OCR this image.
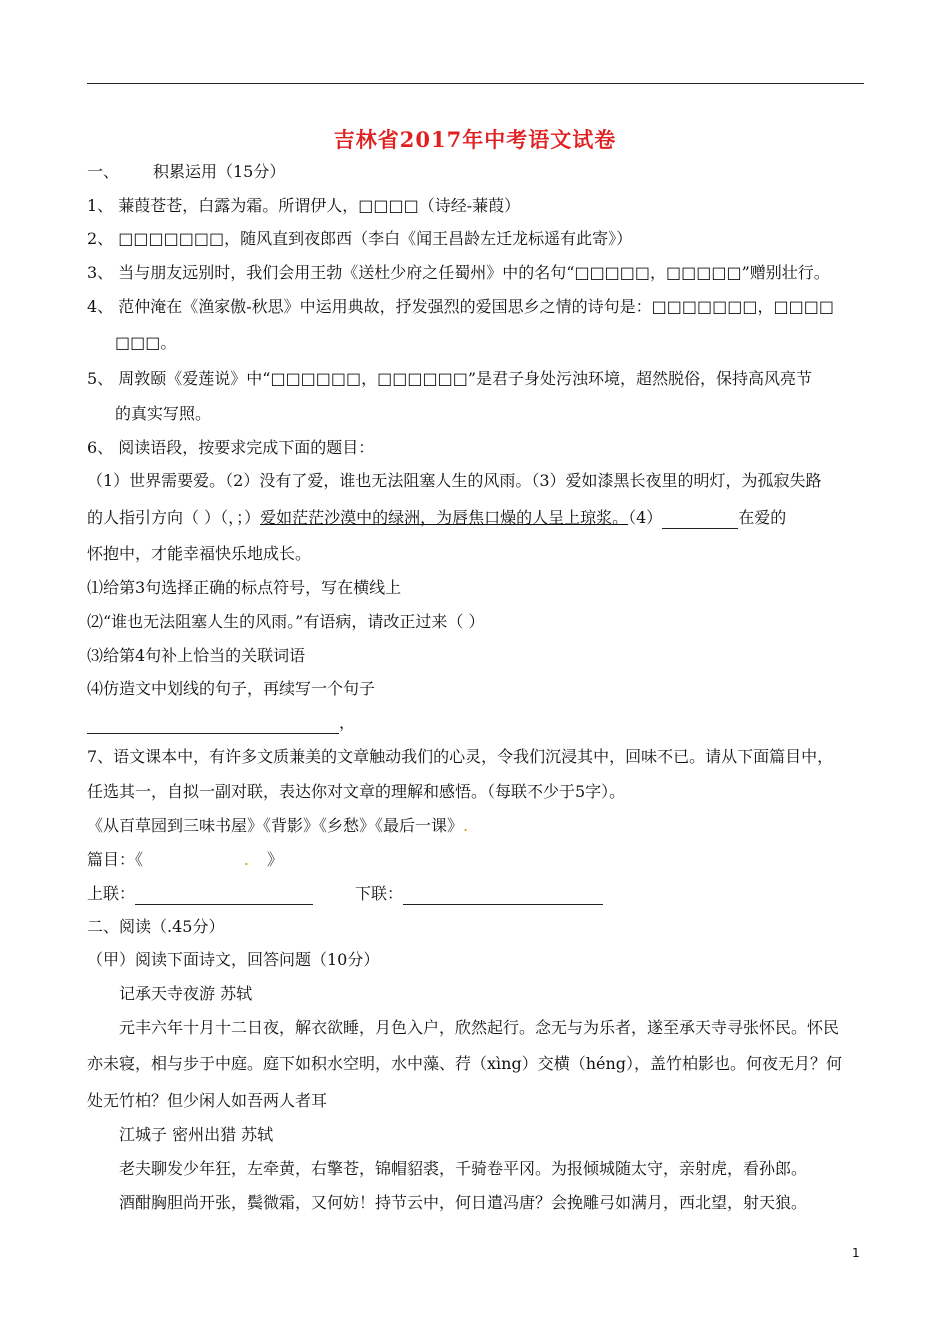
吉林省2017年中考语文试卷
一、 积累运用（15分）
1、 蒹葭苍苍，白露为霜。所谓伊人，□□□□（诗经-蒹葭）
2、 □□□□□□□，随风直到夜郎西（李白《闻王昌龄左迁龙标遥有此寄》）
3、 当与朋友远别时，我们会用王勃《送杜少府之任蜀州》中的名句“□□□□□，□□□□□”赠别壮行。
4、 范仲淹在《渔家傲-秋思》中运用典故，抒发强烈的爱国思乡之情的诗句是：□□□□□□□，□□□□
□□□。
5、 周敦颐《爱莲说》中“□□□□□□，□□□□□□”是君子身处污浊环境，超然脱俗，保持高风亮节
的真实写照。
6、 阅读语段，按要求完成下面的题目：
（1）世界需要爱。（2）没有了爱，谁也无法阻塞人生的风雨。（3）爱如漆黑长夜里的明灯，为孤寂失路
的人指引方向（ ）（，；）爱如茫茫沙漠中的绿洲，为唇焦口燥的人呈上琼浆。（4）	在爱的
怀抱中，才能幸福快乐地成长。
⑴给第3句选择正确的标点符号，写在横线上
⑵“谁也无法阻塞人生的风雨。”有语病，请改正过来（ ）
⑶给第4句补上恰当的关联词语
⑷仿造文中划线的句子，再续写一个句子
，
7、语文课本中，有许多文质兼美的文章触动我们的心灵，令我们沉浸其中，回味不已。请从下面篇目中，
任选其一，自拟一副对联，表达你对文章的理解和感悟。（每联不少于5字）。
《从百草园到三味书屋》《背影》《乡愁》《最后一课》.
篇目：《	. 》
上联：	下联：
二、阅读（.45分）
（甲）阅读下面诗文，回答问题（10分）
记承天寺夜游 苏轼
元丰六年十月十二日夜，解衣欲睡，月色入户，欣然起行。念无与为乐者，遂至承天寺寻张怀民。怀民
亦未寝，相与步于中庭。庭下如积水空明，水中藻、荇（xìng）交横（héng），盖竹柏影也。何夜无月？何
处无竹柏？但少闲人如吾两人者耳
江城子 密州出猎 苏轼
老夫聊发少年狂，左牵黄，右擎苍，锦帽貂裘，千骑卷平冈。为报倾城随太守，亲射虎，看孙郎。
酒酣胸胆尚开张，鬓微霜，又何妨！持节云中，何日遣冯唐？会挽雕弓如满月，西北望，射天狼。
1
